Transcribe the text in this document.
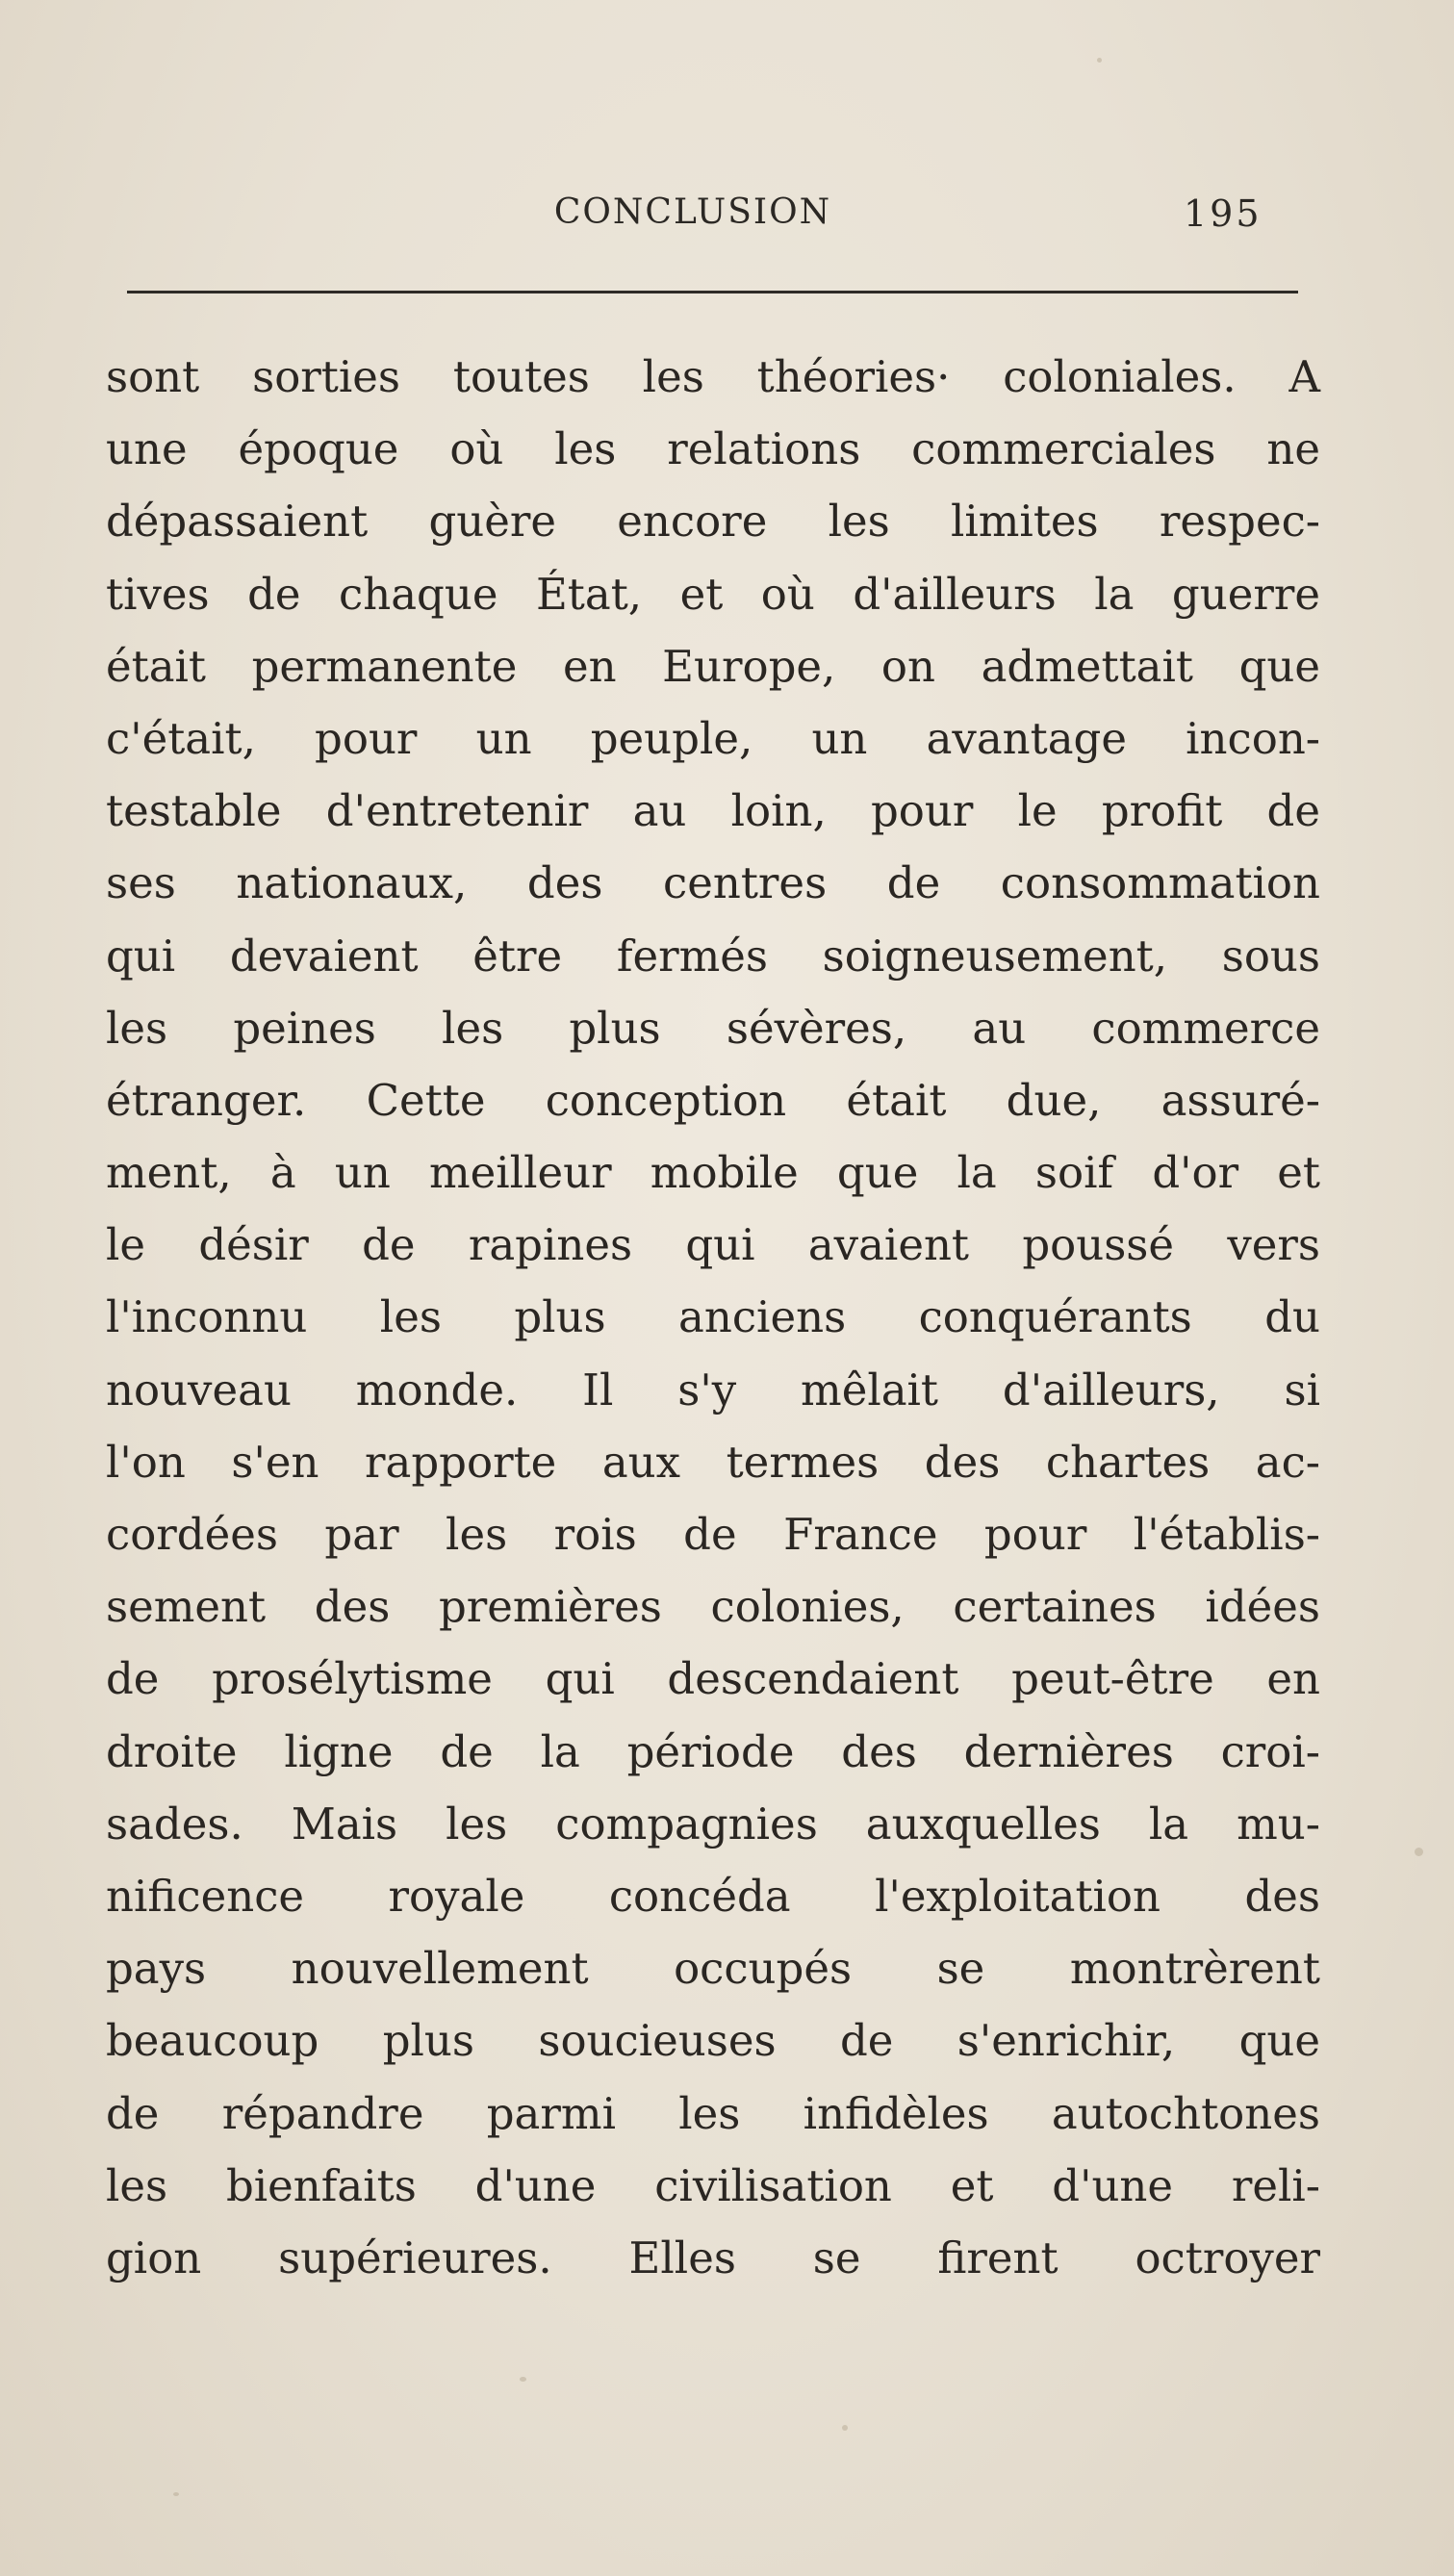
CONCLUSION	195
sont sorties toutes les théories· coloniales. A
une époque où les relations commerciales ne
dépassaient guère encore les limites respec-
tives de chaque État, et où d'ailleurs la guerre
était permanente en Europe, on admettait que
c'était, pour un peuple, un avantage incon-
testable d'entretenir au loin, pour le profit de
ses nationaux, des centres de consommation
qui devaient être fermés soigneusement, sous
les peines les plus sévères, au commerce
étranger. Cette conception était due, assuré-
ment, à un meilleur mobile que la soif d'or et
le désir de rapines qui avaient poussé vers
l'inconnu les plus anciens conquérants du
nouveau monde. Il s'y mêlait d'ailleurs, si
l'on s'en rapporte aux termes des chartes ac-
cordées par les rois de France pour l'établis-
sement des premières colonies, certaines idées
de prosélytisme qui descendaient peut-être en
droite ligne de la période des dernières croi-
sades. Mais les compagnies auxquelles la mu-
nificence royale concéda l'exploitation des
pays nouvellement occupés se montrèrent
beaucoup plus soucieuses de s'enrichir, que
de répandre parmi les infidèles autochtones
les bienfaits d'une civilisation et d'une reli-
gion supérieures. Elles se firent octroyer
